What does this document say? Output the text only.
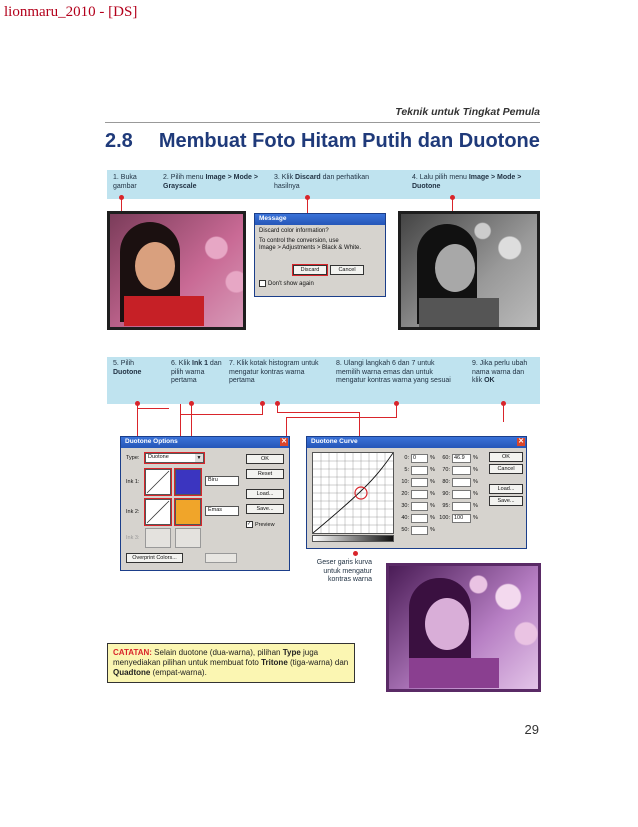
lionmaru_2010 - [DS]
Teknik untuk Tingkat Pemula
2.8 Membuat Foto Hitam Putih dan Duotone
1. Buka gambar
2. Pilih menu Image > Mode > Grayscale
3. Klik Discard dan perhatikan hasilnya
4. Lalu pilih menu Image > Mode > Duotone
Message
Discard color information?
To control the conversion, use
Image > Adjustments > Black & White.
Discard	Cancel
Don't show again
5. Pilih Duotone
6. Klik Ink 1 dan pilih warna pertama
7. Klik kotak histogram untuk mengatur kontras warna pertama
8. Ulangi langkah 6 dan 7 untuk memilih warna emas dan untuk mengatur kontras warna yang sesuai
9. Jika perlu ubah nama warna dan klik OK
Duotone Options	✕
Type:	Duotone	▼
Ink 1:	Biru
Ink 2:	Emas
Ink 3:
Overprint Colors...
OK
Reset
Load...
Save...
✓ Preview
Duotone Curve	✕
0: 0	%	60: 46.9	%
5:	%	70:	%
10:	%	80:	%
20:	%	90:	%
30:	%	95:	%
40:	% 100: 100	%
50:	%
OK
Cancel
Load...
Save...
Geser garis kurva untuk mengatur kontras warna
CATATAN: Selain duotone (dua-warna), pilihan Type juga menyediakan pilihan untuk membuat foto Tritone (tiga-warna) dan Quadtone (empat-warna).
29
